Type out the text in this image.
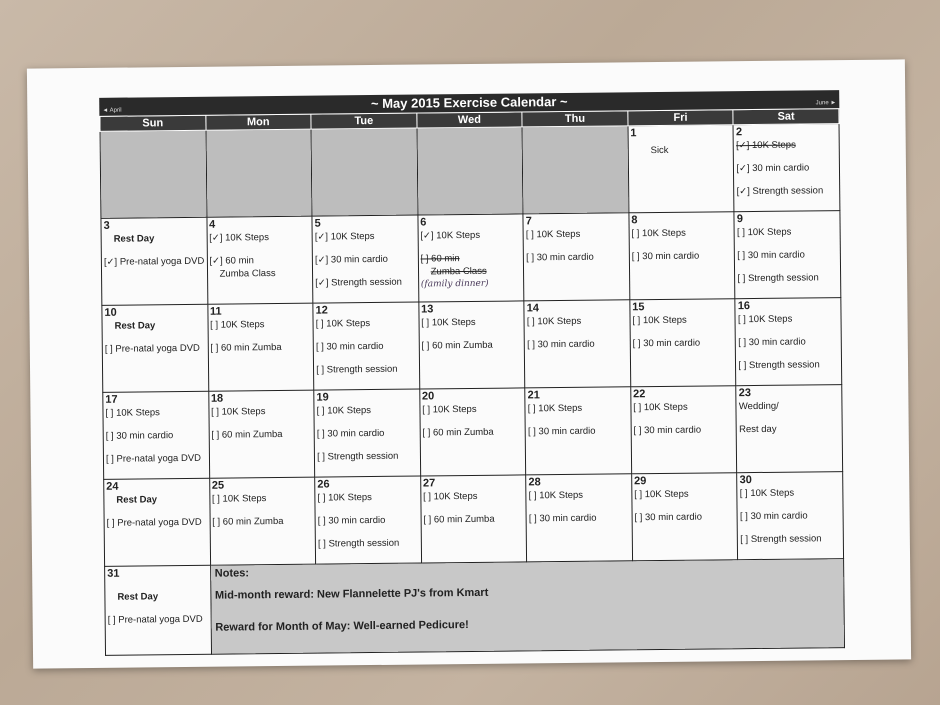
◄ April	~ May 2015 Exercise Calendar ~	June ►
Sun	Mon	Tue	Wed	Thu	Fri	Sat

					1
Sick	2
[✓] 10K Steps
[✓] 30 min cardio
[✓] Strength session

3
Rest Day
[✓] Pre-natal yoga DVD	4
[✓] 10K Steps
[✓] 60 min
Zumba Class	5
[✓] 10K Steps
[✓] 30 min cardio
[✓] Strength session	6
[✓] 10K Steps
[ ] 60 min
Zumba Class
(family dinner)	7
[ ] 10K Steps
[ ] 30 min cardio	8
[ ] 10K Steps
[ ] 30 min cardio	9
[ ] 10K Steps
[ ] 30 min cardio
[ ] Strength session

10
Rest Day
[ ] Pre-natal yoga DVD	11
[ ] 10K Steps
[ ] 60 min Zumba	12
[ ] 10K Steps
[ ] 30 min cardio
[ ] Strength session	13
[ ] 10K Steps
[ ] 60 min Zumba	14
[ ] 10K Steps
[ ] 30 min cardio	15
[ ] 10K Steps
[ ] 30 min cardio	16
[ ] 10K Steps
[ ] 30 min cardio
[ ] Strength session

17
[ ] 10K Steps
[ ] 30 min cardio
[ ] Pre-natal yoga DVD	18
[ ] 10K Steps
[ ] 60 min Zumba	19
[ ] 10K Steps
[ ] 30 min cardio
[ ] Strength session	20
[ ] 10K Steps
[ ] 60 min Zumba	21
[ ] 10K Steps
[ ] 30 min cardio	22
[ ] 10K Steps
[ ] 30 min cardio	23
Wedding/
Rest day

24
Rest Day
[ ] Pre-natal yoga DVD	25
[ ] 10K Steps
[ ] 60 min Zumba	26
[ ] 10K Steps
[ ] 30 min cardio
[ ] Strength session	27
[ ] 10K Steps
[ ] 60 min Zumba	28
[ ] 10K Steps
[ ] 30 min cardio	29
[ ] 10K Steps
[ ] 30 min cardio	30
[ ] 10K Steps
[ ] 30 min cardio
[ ] Strength session

31
Rest Day
[ ] Pre-natal yoga DVD	Notes:
Mid-month reward: New Flannelette PJ's from Kmart
Reward for Month of May: Well-earned Pedicure!					
